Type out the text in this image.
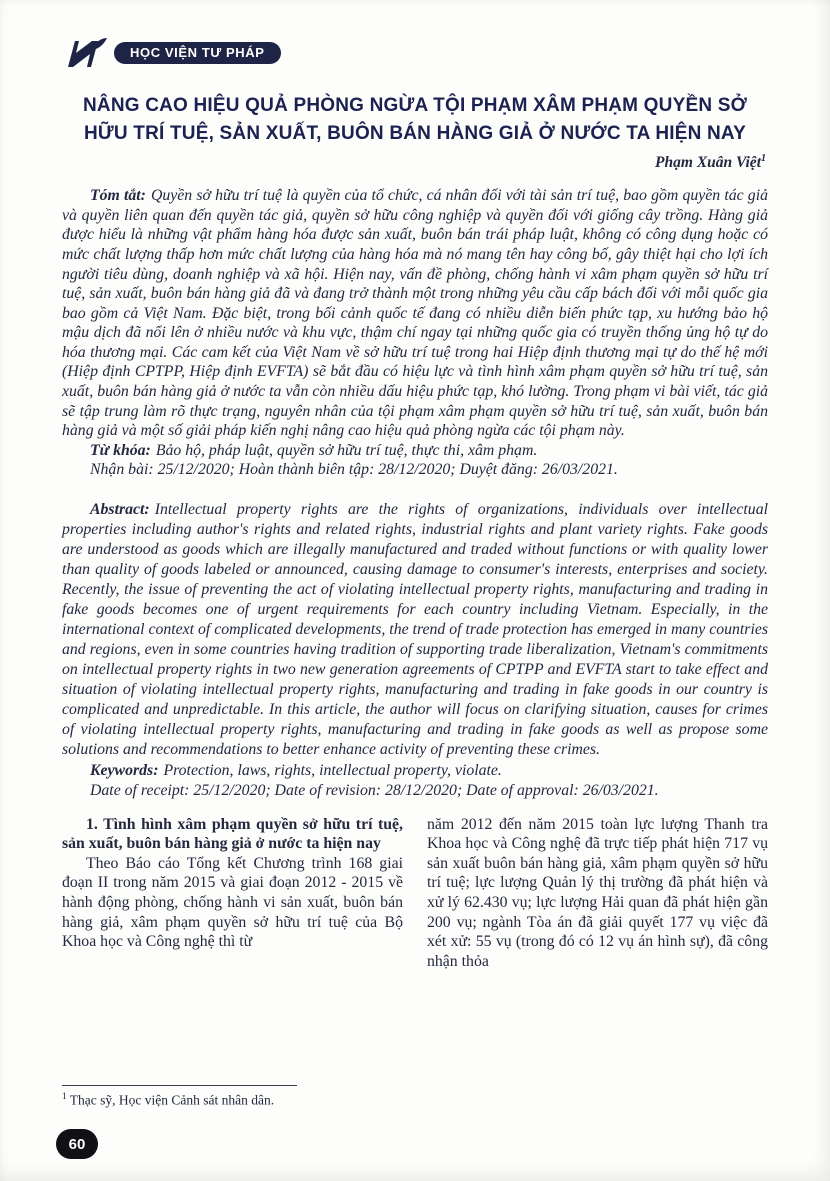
HỌC VIỆN TƯ PHÁP
NÂNG CAO HIỆU QUẢ PHÒNG NGỪA TỘI PHẠM XÂM PHẠM QUYỀN SỞ HỮU TRÍ TUỆ, SẢN XUẤT, BUÔN BÁN HÀNG GIẢ Ở NƯỚC TA HIỆN NAY
Phạm Xuân Việt$^1$

Tóm tắt: Quyền sở hữu trí tuệ là quyền của tổ chức, cá nhân đối với tài sản trí tuệ, bao gồm quyền tác giả và quyền liên quan đến quyền tác giả, quyền sở hữu công nghiệp và quyền đối với giống cây trồng. Hàng giả được hiểu là những vật phẩm hàng hóa được sản xuất, buôn bán trái pháp luật, không có công dụng hoặc có mức chất lượng thấp hơn mức chất lượng của hàng hóa mà nó mang tên hay công bố, gây thiệt hại cho lợi ích người tiêu dùng, doanh nghiệp và xã hội. Hiện nay, vấn đề phòng, chống hành vi xâm phạm quyền sở hữu trí tuệ, sản xuất, buôn bán hàng giả đã và đang trở thành một trong những yêu cầu cấp bách đối với mỗi quốc gia bao gồm cả Việt Nam. Đặc biệt, trong bối cảnh quốc tế đang có nhiều diễn biến phức tạp, xu hướng bảo hộ mậu dịch đã nổi lên ở nhiều nước và khu vực, thậm chí ngay tại những quốc gia có truyền thống ủng hộ tự do hóa thương mại. Các cam kết của Việt Nam về sở hữu trí tuệ trong hai Hiệp định thương mại tự do thế hệ mới (Hiệp định CPTPP, Hiệp định EVFTA) sẽ bắt đầu có hiệu lực và tình hình xâm phạm quyền sở hữu trí tuệ, sản xuất, buôn bán hàng giả ở nước ta vẫn còn nhiều dấu hiệu phức tạp, khó lường. Trong phạm vi bài viết, tác giả sẽ tập trung làm rõ thực trạng, nguyên nhân của tội phạm xâm phạm quyền sở hữu trí tuệ, sản xuất, buôn bán hàng giả và một số giải pháp kiến nghị nâng cao hiệu quả phòng ngừa các tội phạm này.

Từ khóa: Bảo hộ, pháp luật, quyền sở hữu trí tuệ, thực thi, xâm phạm.

Nhận bài: 25/12/2020; Hoàn thành biên tập: 28/12/2020; Duyệt đăng: 26/03/2021.

Abstract: Intellectual property rights are the rights of organizations, individuals over intellectual properties including author's rights and related rights, industrial rights and plant variety rights. Fake goods are understood as goods which are illegally manufactured and traded without functions or with quality lower than quality of goods labeled or announced, causing damage to consumer's interests, enterprises and society. Recently, the issue of preventing the act of violating intellectual property rights, manufacturing and trading in fake goods becomes one of urgent requirements for each country including Vietnam. Especially, in the international context of complicated developments, the trend of trade protection has emerged in many countries and regions, even in some countries having tradition of supporting trade liberalization, Vietnam's commitments on intellectual property rights in two new generation agreements of CPTPP and EVFTA start to take effect and situation of violating intellectual property rights, manufacturing and trading in fake goods in our country is complicated and unpredictable. In this article, the author will focus on clarifying situation, causes for crimes of violating intellectual property rights, manufacturing and trading in fake goods as well as propose some solutions and recommendations to better enhance activity of preventing these crimes.

Keywords: Protection, laws, rights, intellectual property, violate.

Date of receipt: 25/12/2020; Date of revision: 28/12/2020; Date of approval: 26/03/2021.

1. Tình hình xâm phạm quyền sở hữu trí tuệ, sản xuất, buôn bán hàng giả ở nước ta hiện nay

Theo Báo cáo Tổng kết Chương trình 168 giai đoạn II trong năm 2015 và giai đoạn 2012 - 2015 về hành động phòng, chống hành vi sản xuất, buôn bán hàng giả, xâm phạm quyền sở hữu trí tuệ của Bộ Khoa học và Công nghệ thì từ

năm 2012 đến năm 2015 toàn lực lượng Thanh tra Khoa học và Công nghệ đã trực tiếp phát hiện 717 vụ sản xuất buôn bán hàng giả, xâm phạm quyền sở hữu trí tuệ; lực lượng Quản lý thị trường đã phát hiện và xử lý 62.430 vụ; lực lượng Hải quan đã phát hiện gần 200 vụ; ngành Tòa án đã giải quyết 177 vụ việc đã xét xử: 55 vụ (trong đó có 12 vụ án hình sự), đã công nhận thỏa

$^1$ Thạc sỹ, Học viện Cảnh sát nhân dân.
60
